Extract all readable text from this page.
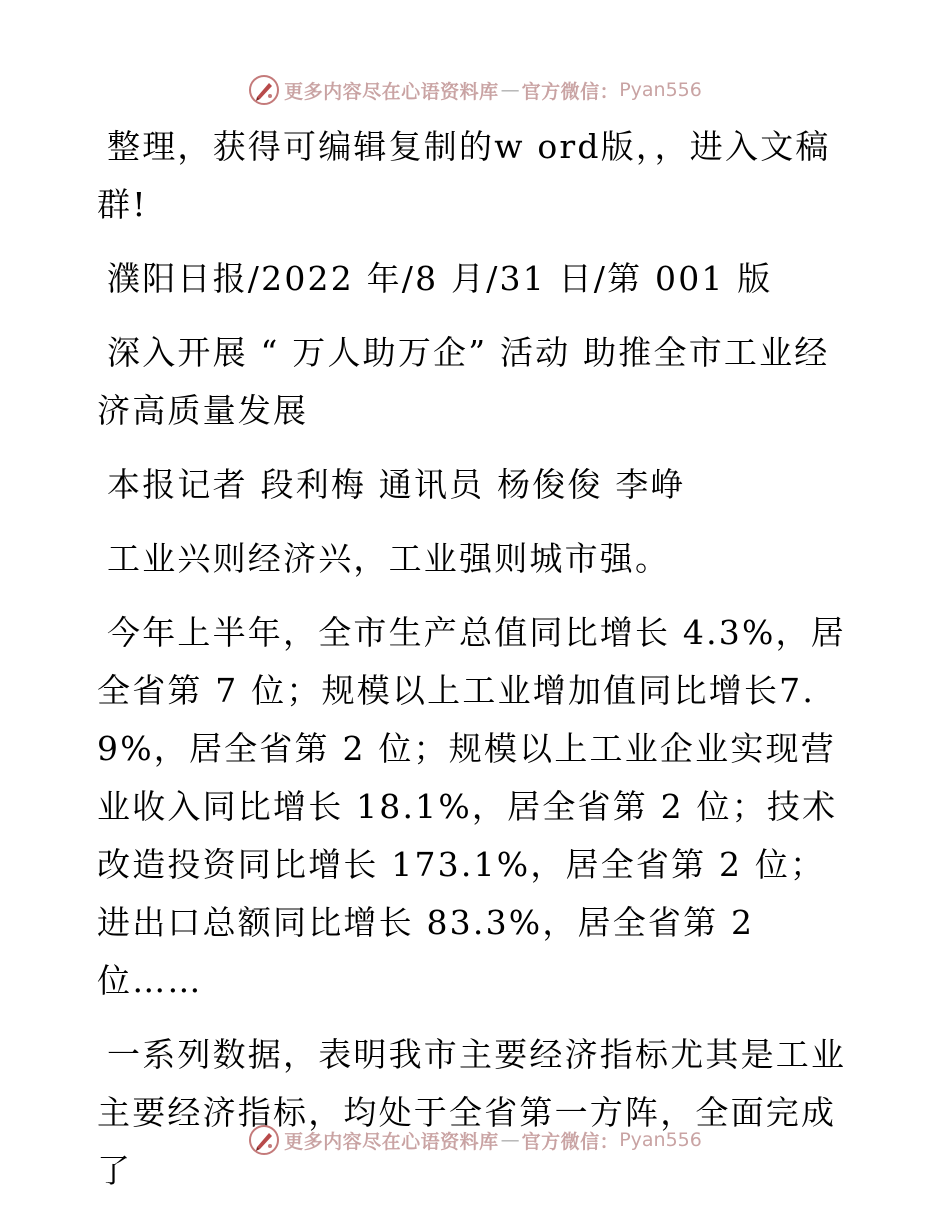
更多内容尽在心语资料库 — 官方微信： Pyan556

整理，获得可编辑复制的w ord版，，进入文稿群!

濮阳日报/2022 年/8 月/31 日/第 001 版

深入开展 “ 万人助万企” 活动 助推全市工业经济高质量发展

本报记者 段利梅 通讯员 杨俊俊 李峥

工业兴则经济兴，工业强则城市强。

今年上半年，全市生产总值同比增长 4.3%，居全省第 7 位；规模以上工业增加值同比增长7.9%，居全省第 2 位；规模以上工业企业实现营业收入同比增长 18.1%，居全省第 2 位；技术改造投资同比增长 173.1%，居全省第 2 位；进出口总额同比增长 83.3%，居全省第 2 位……

一系列数据，表明我市主要经济指标尤其是工业主要经济指标，均处于全省第一方阵，全面完成了

更多内容尽在心语资料库 — 官方微信： Pyan556
